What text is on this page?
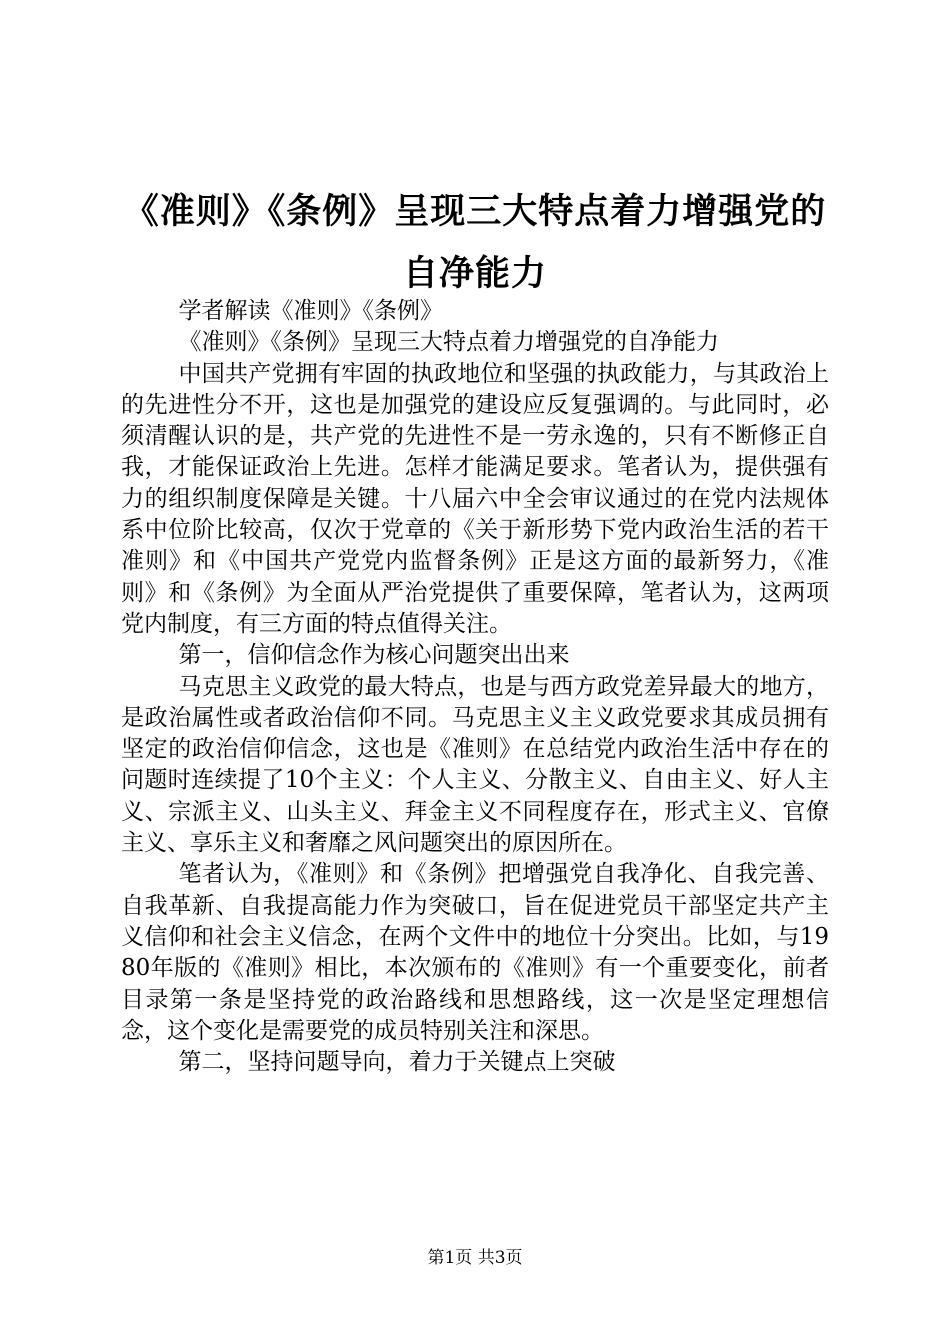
《准则》《条例》呈现三大特点着力增强党的
自净能力

学者解读《准则》《条例》

《准则》《条例》呈现三大特点着力增强党的自净能力

中国共产党拥有牢固的执政地位和坚强的执政能力，与其政治上的先进性分不开，这也是加强党的建设应反复强调的。与此同时，必须清醒认识的是，共产党的先进性不是一劳永逸的，只有不断修正自我，才能保证政治上先进。怎样才能满足要求。笔者认为，提供强有力的组织制度保障是关键。十八届六中全会审议通过的在党内法规体系中位阶比较高，仅次于党章的《关于新形势下党内政治生活的若干准则》和《中国共产党党内监督条例》正是这方面的最新努力，《准则》和《条例》为全面从严治党提供了重要保障，笔者认为，这两项党内制度，有三方面的特点值得关注。

第一，信仰信念作为核心问题突出出来

马克思主义政党的最大特点，也是与西方政党差异最大的地方，是政治属性或者政治信仰不同。马克思主义主义政党要求其成员拥有坚定的政治信仰信念，这也是《准则》在总结党内政治生活中存在的问题时连续提了10个主义：个人主义、分散主义、自由主义、好人主义、宗派主义、山头主义、拜金主义不同程度存在，形式主义、官僚主义、享乐主义和奢靡之风问题突出的原因所在。

笔者认为，《准则》和《条例》把增强党自我净化、自我完善、自我革新、自我提高能力作为突破口，旨在促进党员干部坚定共产主义信仰和社会主义信念，在两个文件中的地位十分突出。比如，与1980年版的《准则》相比，本次颁布的《准则》有一个重要变化，前者目录第一条是坚持党的政治路线和思想路线，这一次是坚定理想信念，这个变化是需要党的成员特别关注和深思。

第二，坚持问题导向，着力于关键点上突破

第1页 共3页
